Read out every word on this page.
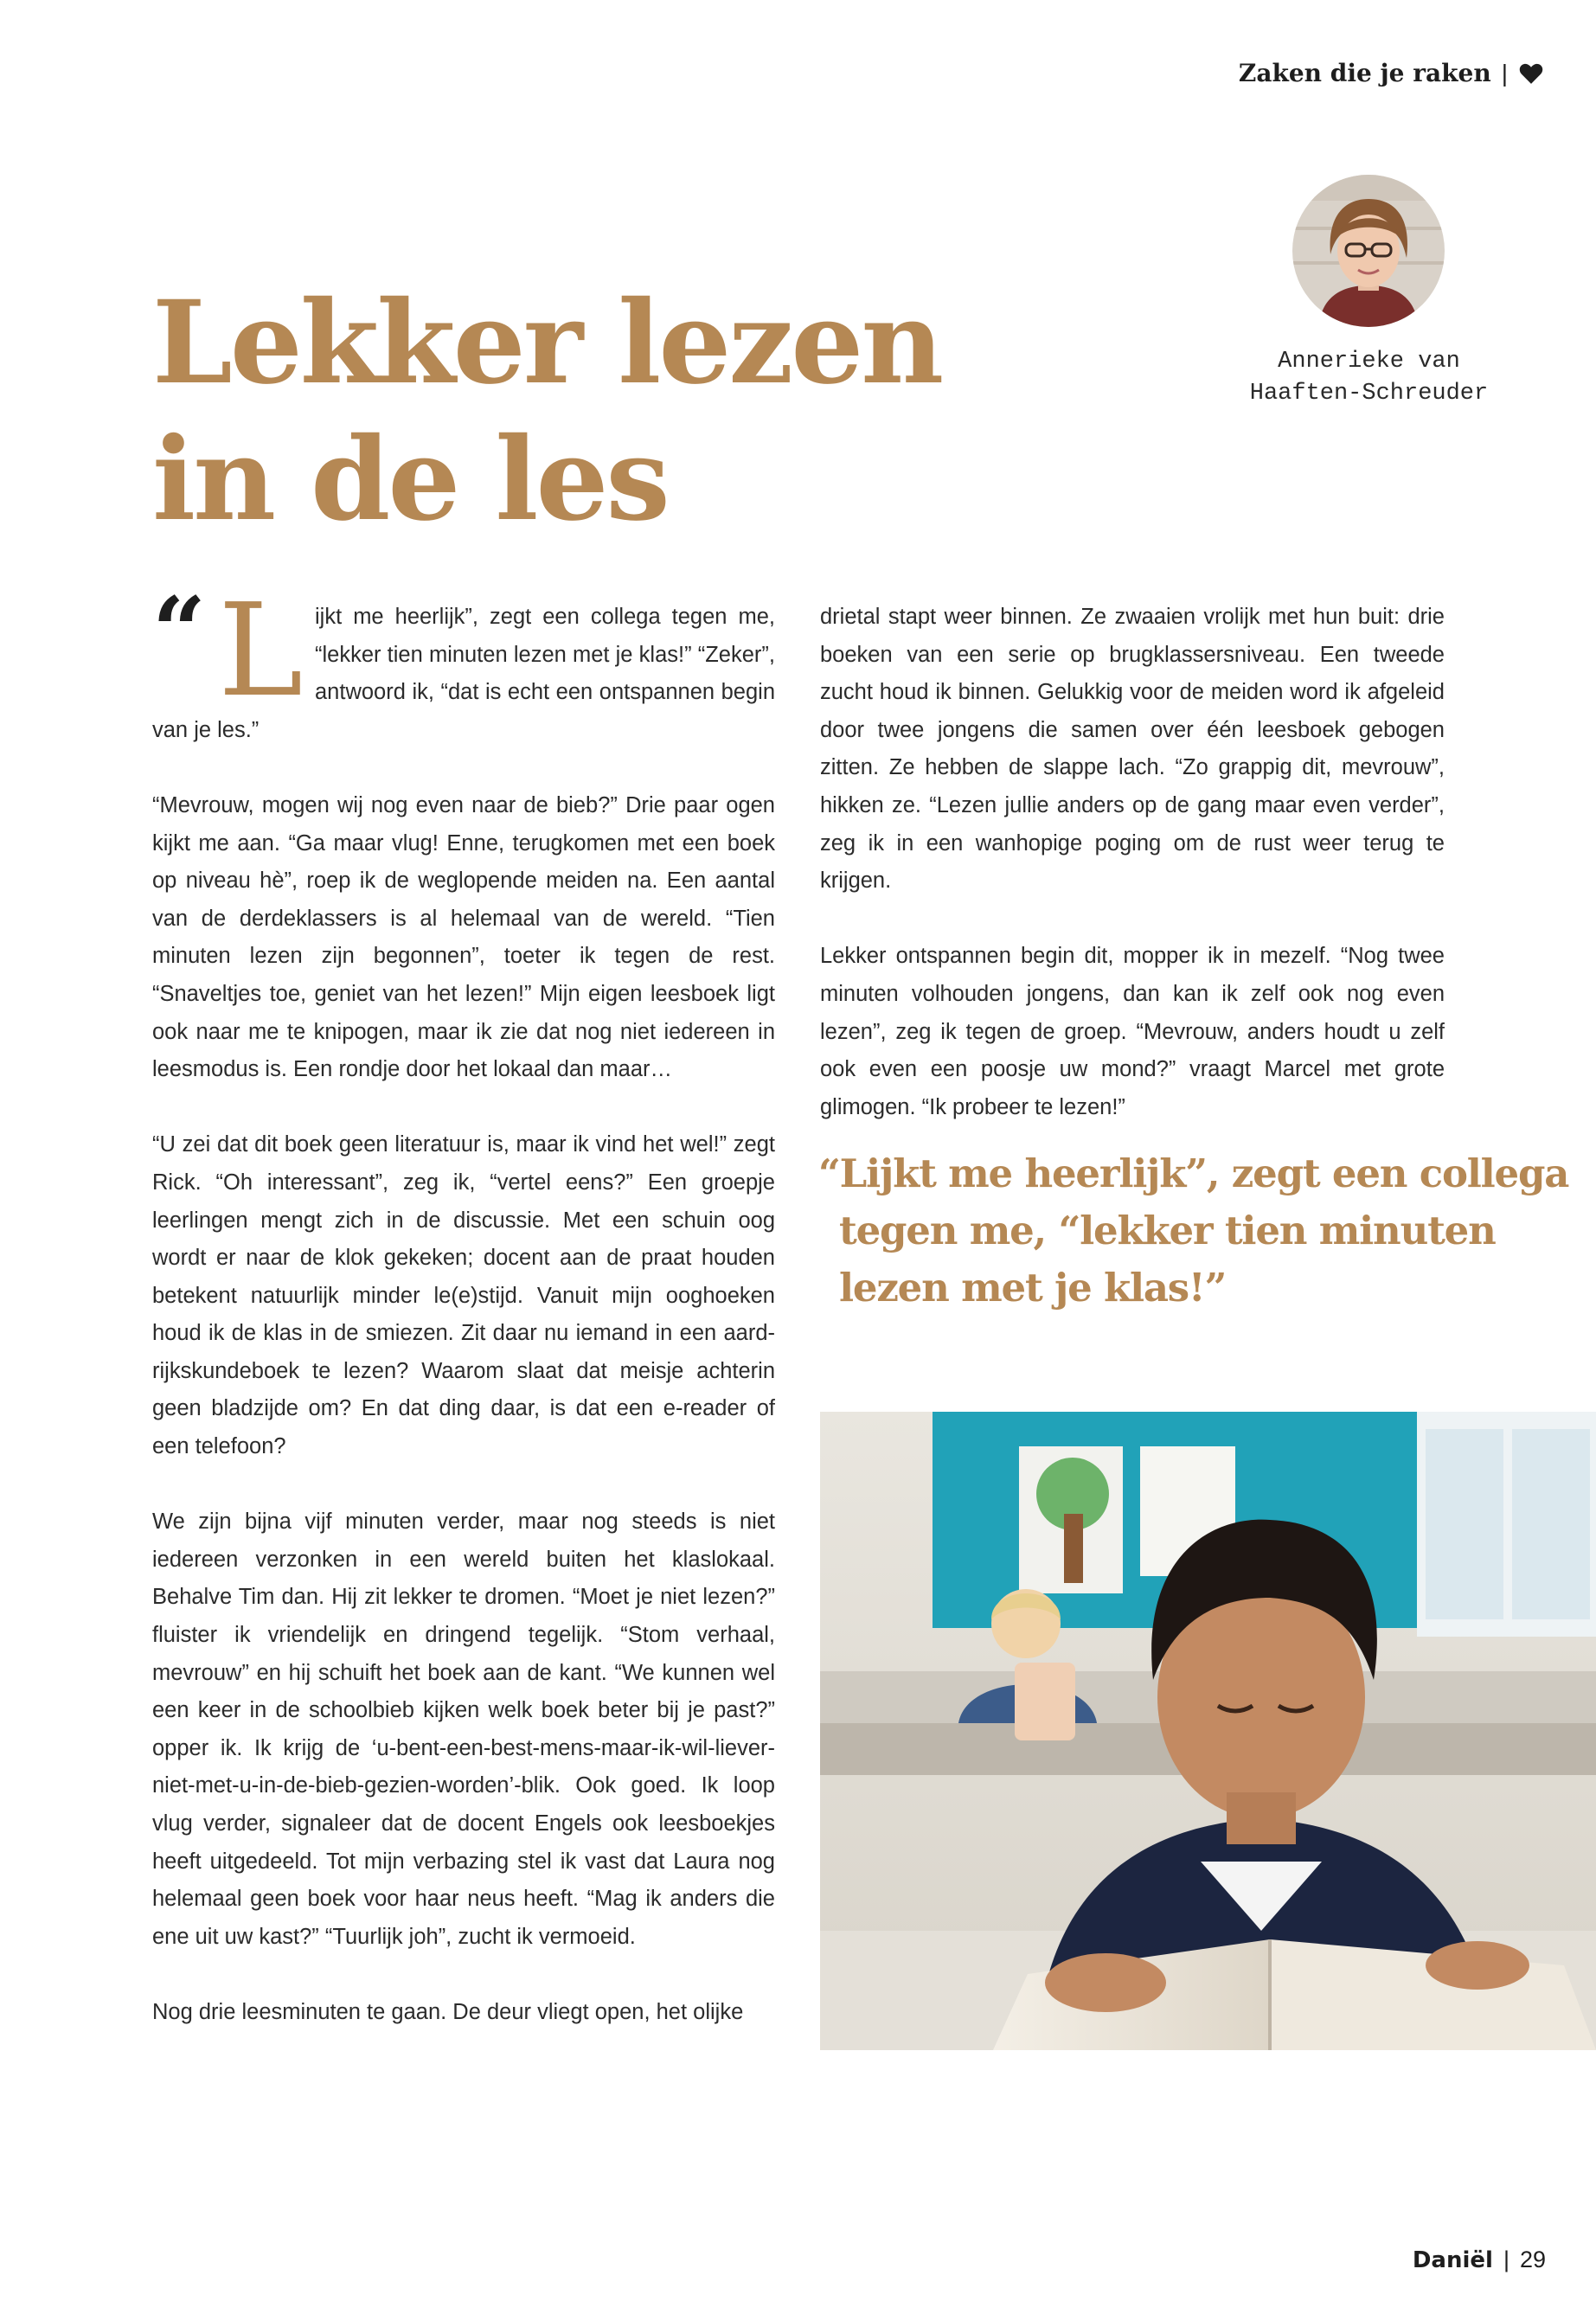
Zaken die je raken |
Lekker lezen
in de les
Annerieke van
Haaften-Schreuder

“ L ijkt me heerlijk”, zegt een collega tegen me, “lekker tien minuten lezen met je klas!” “Zeker”, antwoord ik, “dat is echt een ontspannen begin van je les.”

“Mevrouw, mogen wij nog even naar de bieb?” Drie paar ogen kijkt me aan. “Ga maar vlug! Enne, terugkomen met een boek op niveau hè”, roep ik de weglopende meiden na. Een aantal van de derdeklassers is al helemaal van de wereld. “Tien minuten lezen zijn begonnen”, toeter ik tegen de rest. “Snaveltjes toe, geniet van het lezen!” Mijn eigen leesboek ligt ook naar me te knipogen, maar ik zie dat nog niet iedereen in leesmodus is. Een rondje door het lokaal dan maar…

“U zei dat dit boek geen literatuur is, maar ik vind het wel!” zegt Rick. “Oh interessant”, zeg ik, “vertel eens?” Een groepje leerlingen mengt zich in de discussie. Met een schuin oog wordt er naar de klok gekeken; docent aan de praat houden betekent natuurlijk minder le(e)stijd. Vanuit mijn ooghoeken houd ik de klas in de smiezen. Zit daar nu iemand in een aardrijkskundeboek te lezen? Waarom slaat dat meisje achterin geen bladzijde om? En dat ding daar, is dat een e-reader of een telefoon?

We zijn bijna vijf minuten verder, maar nog steeds is niet iedereen verzonken in een wereld buiten het klaslokaal. Behalve Tim dan. Hij zit lekker te dromen. “Moet je niet lezen?” fluister ik vriendelijk en dringend tegelijk. “Stom verhaal, mevrouw” en hij schuift het boek aan de kant. “We kunnen wel een keer in de schoolbieb kijken welk boek beter bij je past?” opper ik. Ik krijg de ‘u-bent-een-best-mens-maar-ik-wil-liever-niet-met-u-in-de-bieb-gezien-worden’-blik. Ook goed. Ik loop vlug verder, signaleer dat de docent Engels ook leesboekjes heeft uitgedeeld. Tot mijn verbazing stel ik vast dat Laura nog helemaal geen boek voor haar neus heeft. “Mag ik anders die ene uit uw kast?” “Tuurlijk joh”, zucht ik vermoeid.

Nog drie leesminuten te gaan. De deur vliegt open, het olijke

drietal stapt weer binnen. Ze zwaaien vrolijk met hun buit: drie boeken van een serie op brugklassersniveau. Een tweede zucht houd ik binnen. Gelukkig voor de meiden word ik afgeleid door twee jongens die samen over één leesboek gebogen zitten. Ze hebben de slappe lach. “Zo grappig dit, mevrouw”, hikken ze. “Lezen jullie anders op de gang maar even verder”, zeg ik in een wanhopige poging om de rust weer terug te krijgen.

Lekker ontspannen begin dit, mopper ik in mezelf. “Nog twee minuten volhouden jongens, dan kan ik zelf ook nog even lezen”, zeg ik tegen de groep. “Mevrouw, anders houdt u zelf ook even een poosje uw mond?” vraagt Marcel met grote glimogen. “Ik probeer te lezen!”

“Lijkt me heerlijk”, zegt een collega
tegen me, “lekker tien minuten
lezen met je klas!”
Daniël | 29
